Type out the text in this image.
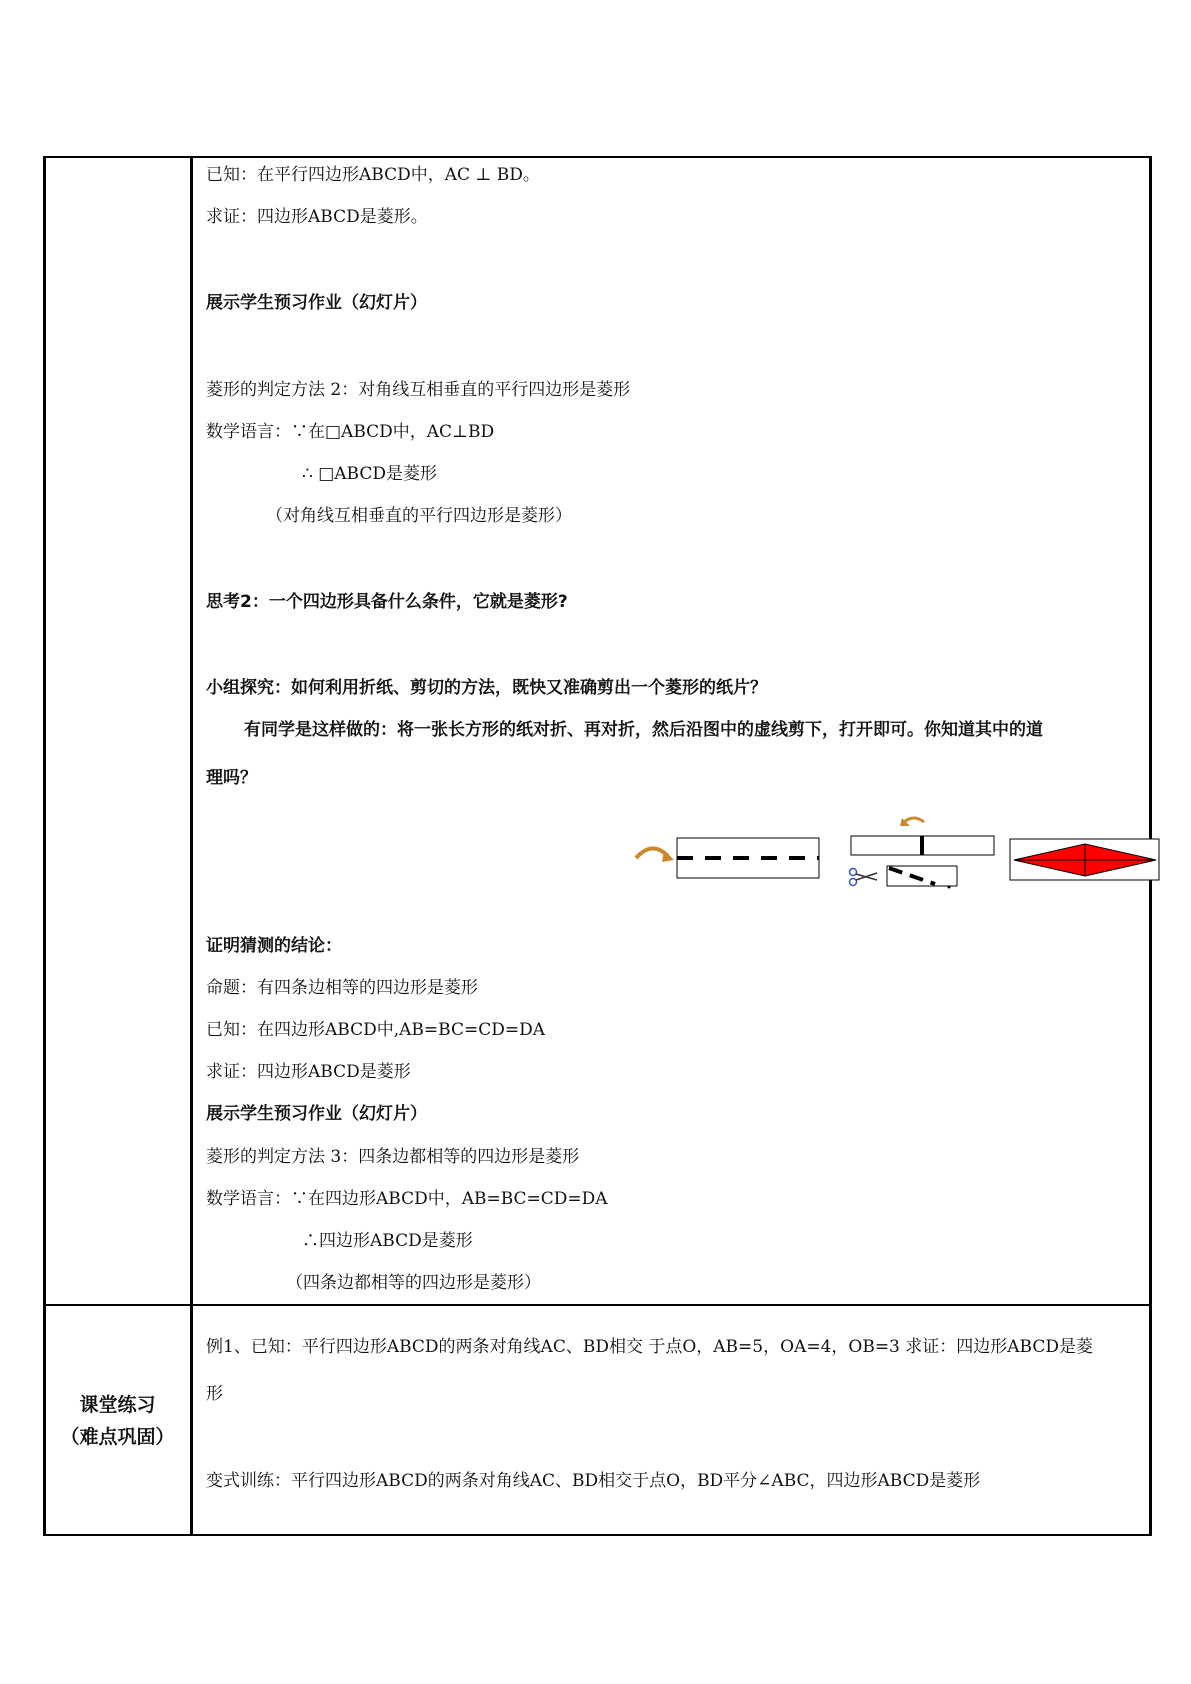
已知：在平行四边形ABCD中，AC ⊥ BD。
求证：四边形ABCD是菱形。
展示学生预习作业（幻灯片）
菱形的判定方法 2：对角线互相垂直的平行四边形是菱形
数学语言：∵在□ABCD中，AC⊥BD
∴ □ABCD是菱形
（对角线互相垂直的平行四边形是菱形）
思考2：一个四边形具备什么条件，它就是菱形?
小组探究：如何利用折纸、剪切的方法，既快又准确剪出一个菱形的纸片？
有同学是这样做的：将一张长方形的纸对折、再对折，然后沿图中的虚线剪下，打开即可。你知道其中的道
理吗？
证明猜测的结论：
命题：有四条边相等的四边形是菱形
已知：在四边形ABCD中,AB=BC=CD=DA
求证：四边形ABCD是菱形
展示学生预习作业（幻灯片）
菱形的判定方法 3：四条边都相等的四边形是菱形
数学语言：∵在四边形ABCD中，AB=BC=CD=DA
∴四边形ABCD是菱形
（四条边都相等的四边形是菱形）
课堂练习
（难点巩固）
例1、已知：平行四边形ABCD的两条对角线AC、BD相交 于点O，AB=5，OA=4，OB=3 求证：四边形ABCD是菱
形
变式训练：平行四边形ABCD的两条对角线AC、BD相交于点O，BD平分∠ABC，四边形ABCD是菱形
